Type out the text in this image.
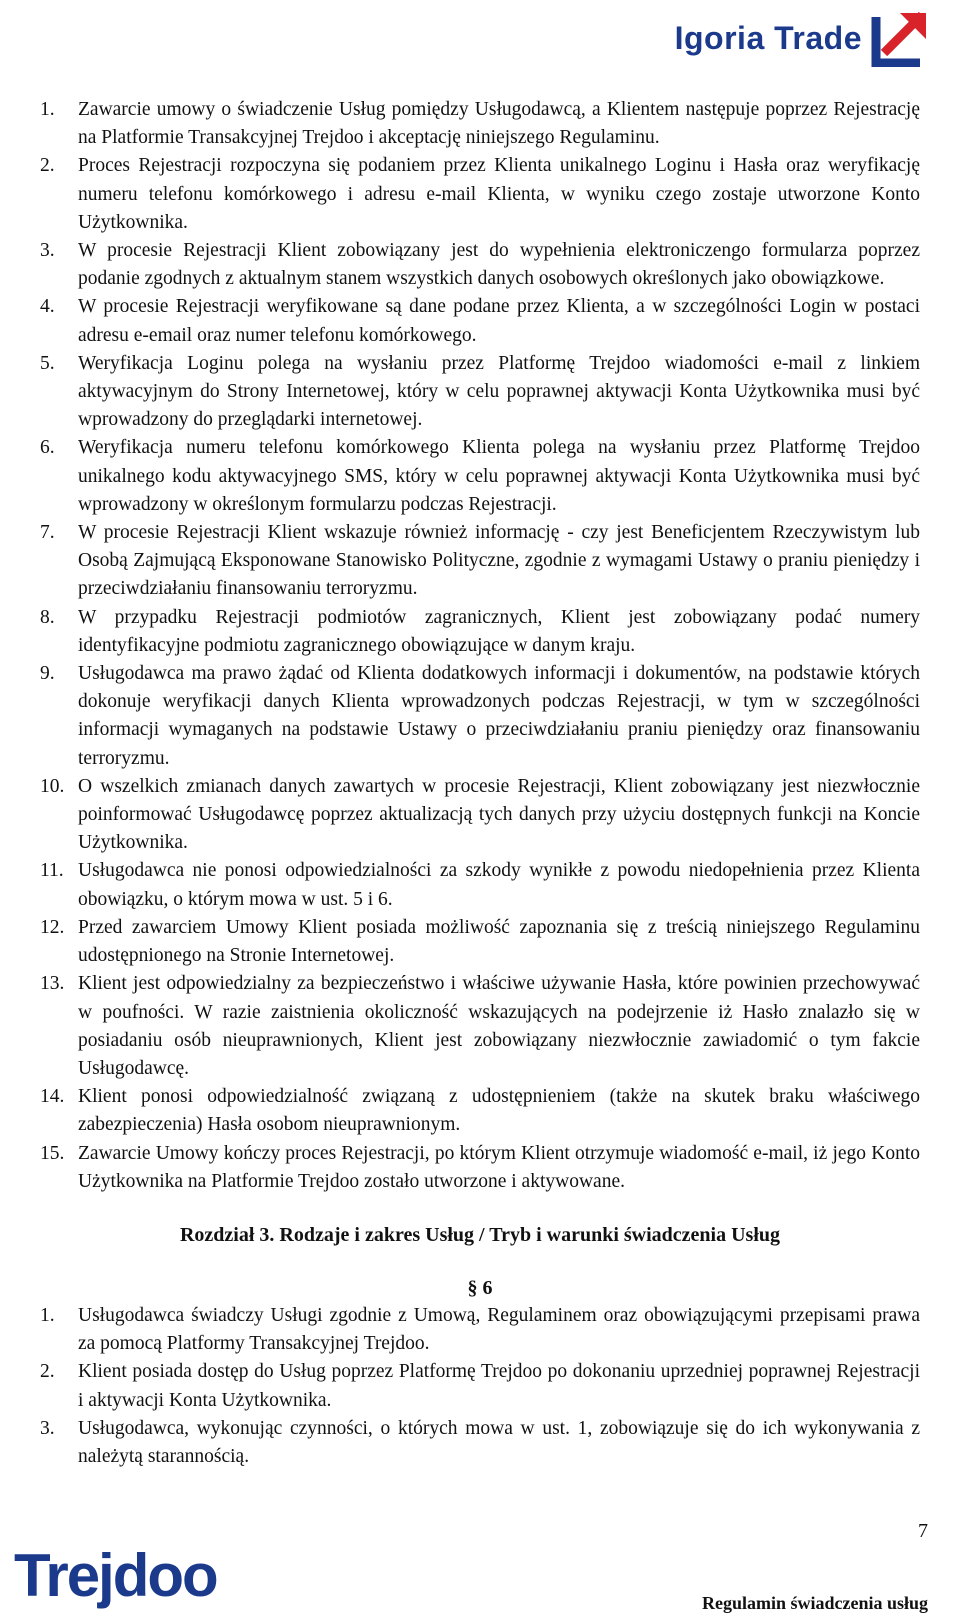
Igoria Trade
1. Zawarcie umowy o świadczenie Usług pomiędzy Usługodawcą, a Klientem następuje poprzez Rejestrację na Platformie Transakcyjnej Trejdoo i akceptację niniejszego Regulaminu.
2. Proces Rejestracji rozpoczyna się podaniem przez Klienta unikalnego Loginu i Hasła oraz weryfikację numeru telefonu komórkowego i adresu e-mail Klienta, w wyniku czego zostaje utworzone Konto Użytkownika.
3. W procesie Rejestracji Klient zobowiązany jest do wypełnienia elektroniczengo formularza poprzez podanie zgodnych z aktualnym stanem wszystkich danych osobowych określonych jako obowiązkowe.
4. W procesie Rejestracji weryfikowane są dane podane przez Klienta, a w szczególności Login w postaci adresu e-email oraz numer telefonu komórkowego.
5. Weryfikacja Loginu polega na wysłaniu przez Platformę Trejdoo wiadomości e-mail z linkiem aktywacyjnym do Strony Internetowej, który w celu poprawnej aktywacji Konta Użytkownika musi być wprowadzony do przeglądarki internetowej.
6. Weryfikacja numeru telefonu komórkowego Klienta polega na wysłaniu przez Platformę Trejdoo unikalnego kodu aktywacyjnego SMS, który w celu poprawnej aktywacji Konta Użytkownika musi być wprowadzony w określonym formularzu podczas Rejestracji.
7. W procesie Rejestracji Klient wskazuje również informację - czy jest Beneficjentem Rzeczywistym lub Osobą Zajmującą Eksponowane Stanowisko Polityczne, zgodnie z wymagami Ustawy o praniu pieniędzy i przeciwdziałaniu finansowaniu terroryzmu.
8. W przypadku Rejestracji podmiotów zagranicznych, Klient jest zobowiązany podać numery identyfikacyjne podmiotu zagranicznego obowiązujące w danym kraju.
9. Usługodawca ma prawo żądać od Klienta dodatkowych informacji i dokumentów, na podstawie których dokonuje weryfikacji danych Klienta wprowadzonych podczas Rejestracji, w tym w szczególności informacji wymaganych na podstawie Ustawy o przeciwdziałaniu praniu pieniędzy oraz finansowaniu terroryzmu.
10. O wszelkich zmianach danych zawartych w procesie Rejestracji, Klient zobowiązany jest niezwłocznie poinformować Usługodawcę poprzez aktualizacją tych danych przy użyciu dostępnych funkcji na Koncie Użytkownika.
11. Usługodawca nie ponosi odpowiedzialności za szkody wynikłe z powodu niedopełnienia przez Klienta obowiązku, o którym mowa w ust. 5 i 6.
12. Przed zawarciem Umowy Klient posiada możliwość zapoznania się z treścią niniejszego Regulaminu udostępnionego na Stronie Internetowej.
13. Klient jest odpowiedzialny za bezpieczeństwo i właściwe używanie Hasła, które powinien przechowywać w poufności. W razie zaistnienia okoliczność wskazujących na podejrzenie iż Hasło znalazło się w posiadaniu osób nieuprawnionych, Klient jest zobowiązany niezwłocznie zawiadomić o tym fakcie Usługodawcę.
14. Klient ponosi odpowiedzialność związaną z udostępnieniem (także na skutek braku właściwego zabezpieczenia) Hasła osobom nieuprawnionym.
15. Zawarcie Umowy kończy proces Rejestracji, po którym Klient otrzymuje wiadomość e-mail, iż jego Konto Użytkownika na Platformie Trejdoo zostało utworzone i aktywowane.
Rozdział 3. Rodzaje i zakres Usług / Tryb i warunki świadczenia Usług
§ 6
1. Usługodawca świadczy Usługi zgodnie z Umową, Regulaminem oraz obowiązującymi przepisami prawa za pomocą Platformy Transakcyjnej Trejdoo.
2. Klient posiada dostęp do Usług poprzez Platformę Trejdoo po dokonaniu uprzedniej poprawnej Rejestracji i aktywacji Konta Użytkownika.
3. Usługodawca, wykonując czynności, o których mowa w ust. 1, zobowiązuje się do ich wykonywania z należytą starannością.
7
Trejdoo	Regulamin świadczenia usług
